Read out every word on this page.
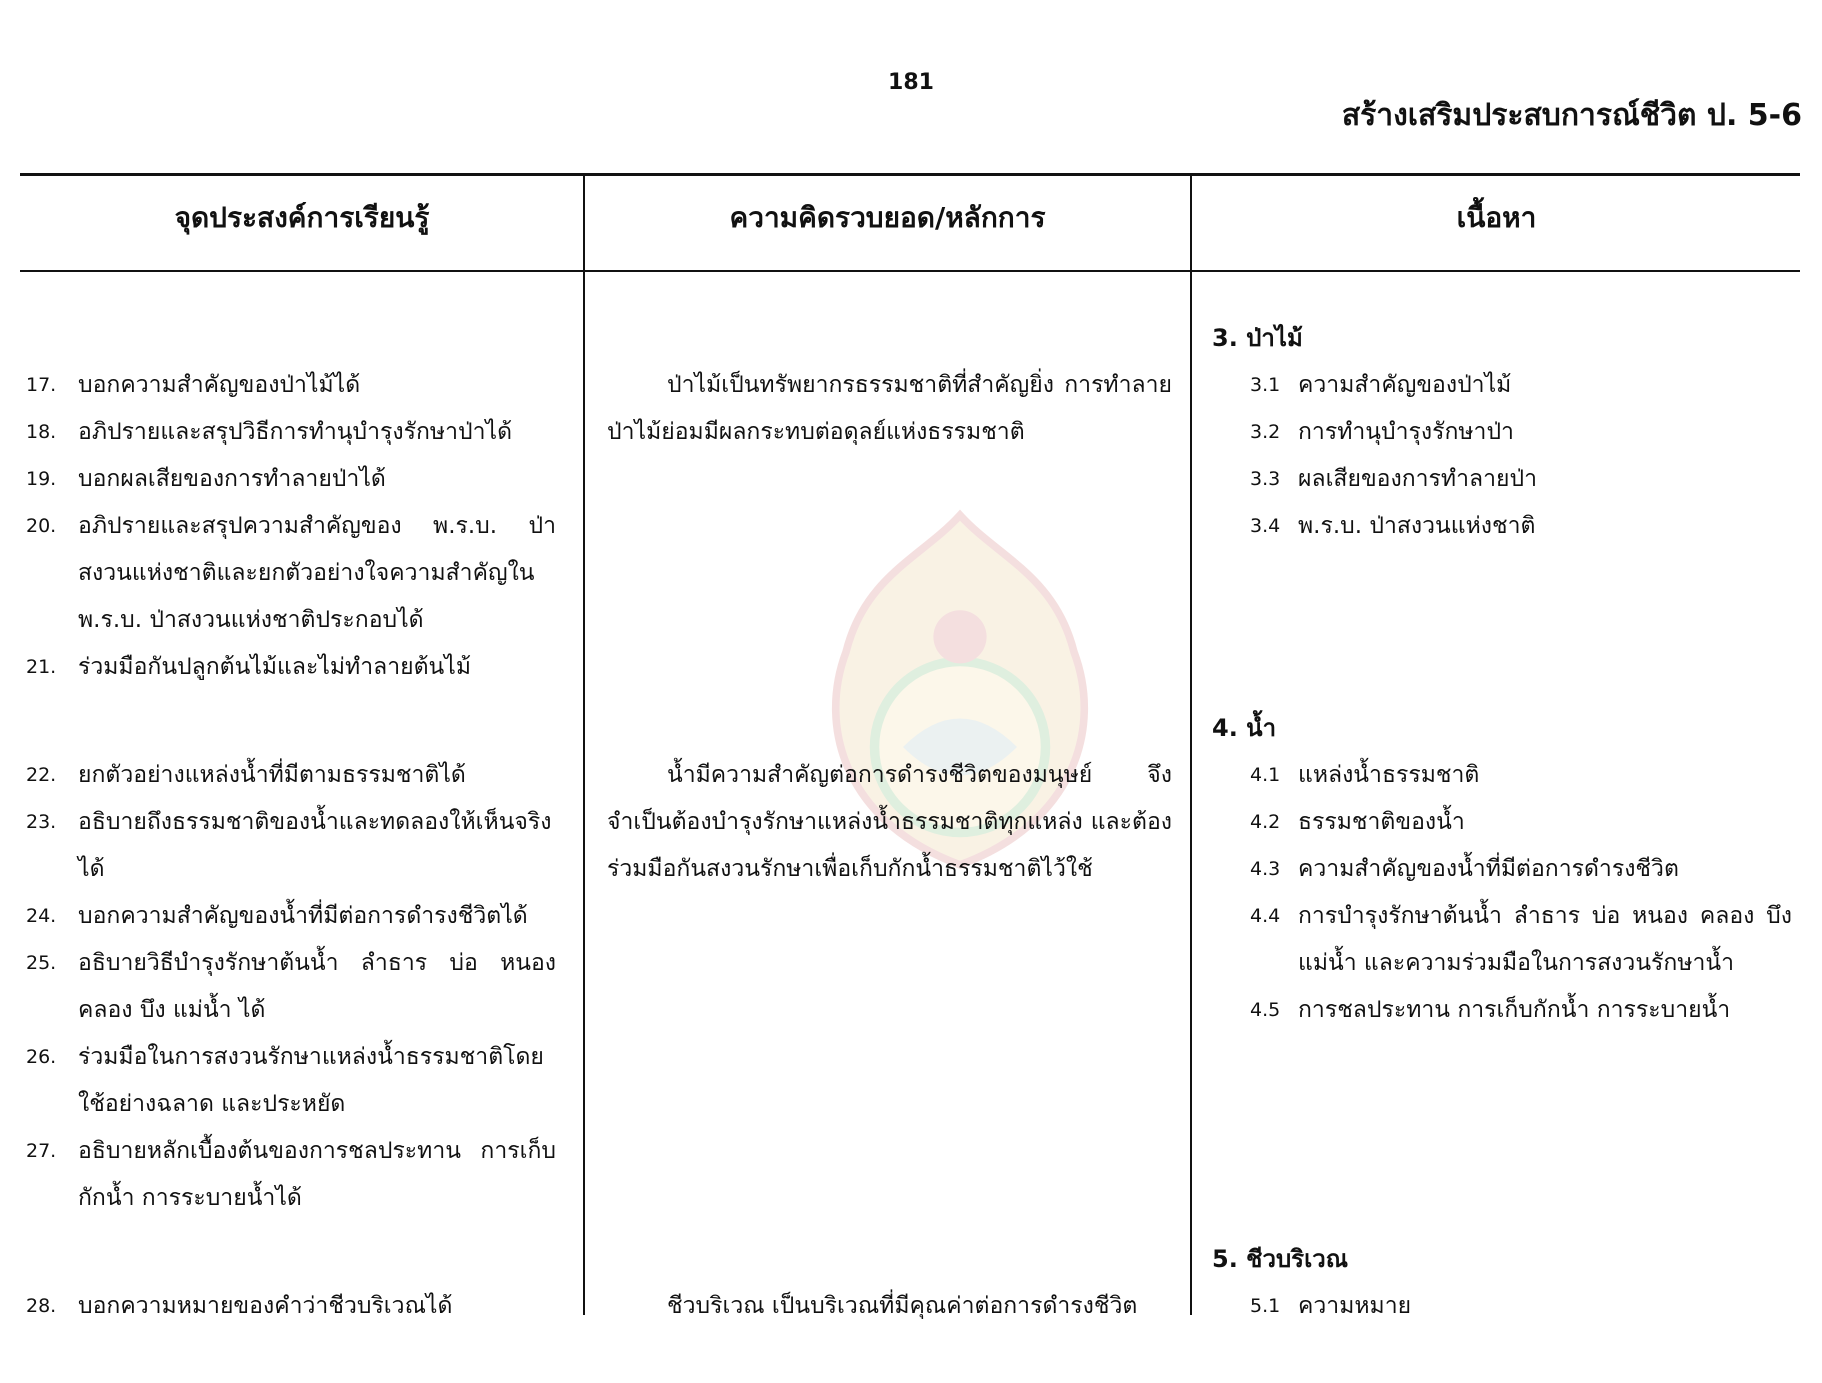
181
สร้างเสริมประสบการณ์ชีวิต ป. 5-6
จุดประสงค์การเรียนรู้	ความคิดรวบยอด/หลักการ	เนื้อหา
17. บอกความสำคัญของป่าไม้ได้
18. อภิปรายและสรุปวิธีการทำนุบำรุงรักษาป่าได้
19. บอกผลเสียของการทำลายป่าได้
20. อภิปรายและสรุปความสำคัญของ พ.ร.บ. ป่าสงวนแห่งชาติและยกตัวอย่างใจความสำคัญใน พ.ร.บ. ป่าสงวนแห่งชาติประกอบได้
21. ร่วมมือกันปลูกต้นไม้และไม่ทำลายต้นไม้
22. ยกตัวอย่างแหล่งน้ำที่มีตามธรรมชาติได้
23. อธิบายถึงธรรมชาติของน้ำและทดลองให้เห็นจริงได้
24. บอกความสำคัญของน้ำที่มีต่อการดำรงชีวิตได้
25. อธิบายวิธีบำรุงรักษาต้นน้ำ ลำธาร บ่อ หนอง คลอง บึง แม่น้ำ ได้
26. ร่วมมือในการสงวนรักษาแหล่งน้ำธรรมชาติโดยใช้อย่างฉลาด และประหยัด
27. อธิบายหลักเบื้องต้นของการชลประทาน การเก็บกักน้ำ การระบายน้ำได้
28. บอกความหมายของคำว่าชีวบริเวณได้

ป่าไม้เป็นทรัพยากรธรรมชาติที่สำคัญยิ่ง การทำลายป่าไม้ย่อมมีผลกระทบต่อดุลย์แห่งธรรมชาติ

น้ำมีความสำคัญต่อการดำรงชีวิตของมนุษย์ จึงจำเป็นต้องบำรุงรักษาแหล่งน้ำธรรมชาติทุกแหล่ง และต้องร่วมมือกันสงวนรักษาเพื่อเก็บกักน้ำธรรมชาติไว้ใช้

ชีวบริเวณ เป็นบริเวณที่มีคุณค่าต่อการดำรงชีวิต

3. ป่าไม้
3.1 ความสำคัญของป่าไม้
3.2 การทำนุบำรุงรักษาป่า
3.3 ผลเสียของการทำลายป่า
3.4 พ.ร.บ. ป่าสงวนแห่งชาติ
4. น้ำ
4.1 แหล่งน้ำธรรมชาติ
4.2 ธรรมชาติของน้ำ
4.3 ความสำคัญของน้ำที่มีต่อการดำรงชีวิต
4.4 การบำรุงรักษาต้นน้ำ ลำธาร บ่อ หนอง คลอง บึง แม่น้ำ และความร่วมมือในการสงวนรักษาน้ำ
4.5 การชลประทาน การเก็บกักน้ำ การระบายน้ำ
5. ชีวบริเวณ
5.1 ความหมาย
